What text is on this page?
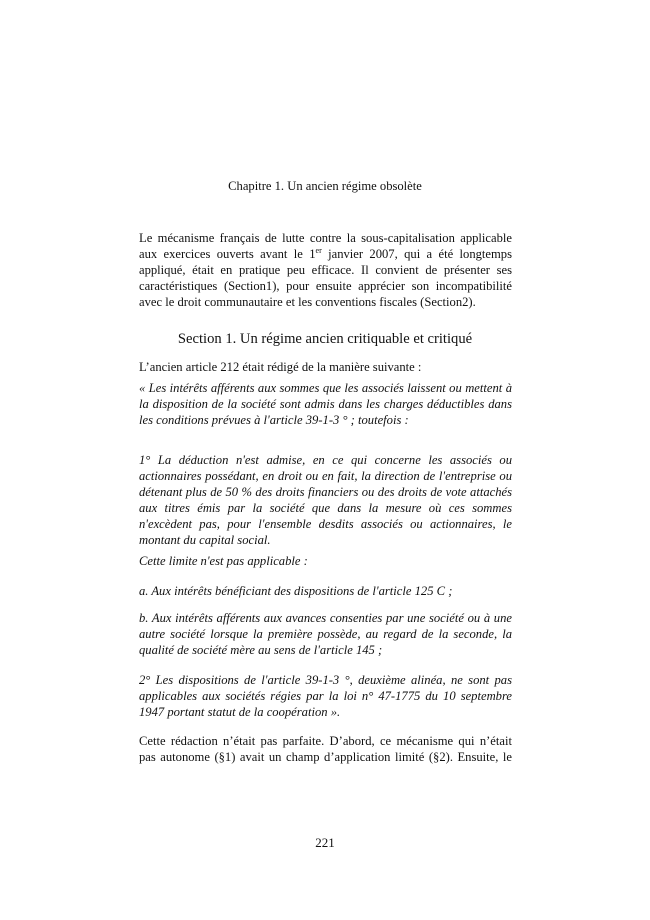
Chapitre 1. Un ancien régime obsolète

Le mécanisme français de lutte contre la sous-capitalisation applicable aux exercices ouverts avant le 1er janvier 2007, qui a été longtemps appliqué, était en pratique peu efficace. Il convient de présenter ses caractéristiques (Section1), pour ensuite apprécier son incompatibilité avec le droit communautaire et les conventions fiscales (Section2).

Section 1. Un régime ancien critiquable et critiqué

L’ancien article 212 était rédigé de la manière suivante :

« Les intérêts afférents aux sommes que les associés laissent ou mettent à la disposition de la société sont admis dans les charges déductibles dans les conditions prévues à l'article 39-1-3 ° ; toutefois :

1° La déduction n'est admise, en ce qui concerne les associés ou actionnaires possédant, en droit ou en fait, la direction de l'entreprise ou détenant plus de 50 % des droits financiers ou des droits de vote attachés aux titres émis par la société que dans la mesure où ces sommes n'excèdent pas, pour l'ensemble desdits associés ou actionnaires, le montant du capital social.

Cette limite n'est pas applicable :

a. Aux intérêts bénéficiant des dispositions de l'article 125 C ;

b. Aux intérêts afférents aux avances consenties par une société ou à une autre société lorsque la première possède, au regard de la seconde, la qualité de société mère au sens de l'article 145 ;

2° Les dispositions de l'article 39-1-3 °, deuxième alinéa, ne sont pas applicables aux sociétés régies par la loi n° 47-1775 du 10 septembre 1947 portant statut de la coopération ».

Cette rédaction n’était pas parfaite. D’abord, ce mécanisme qui n’était pas autonome (§1) avait un champ d’application limité (§2). Ensuite, le

221
